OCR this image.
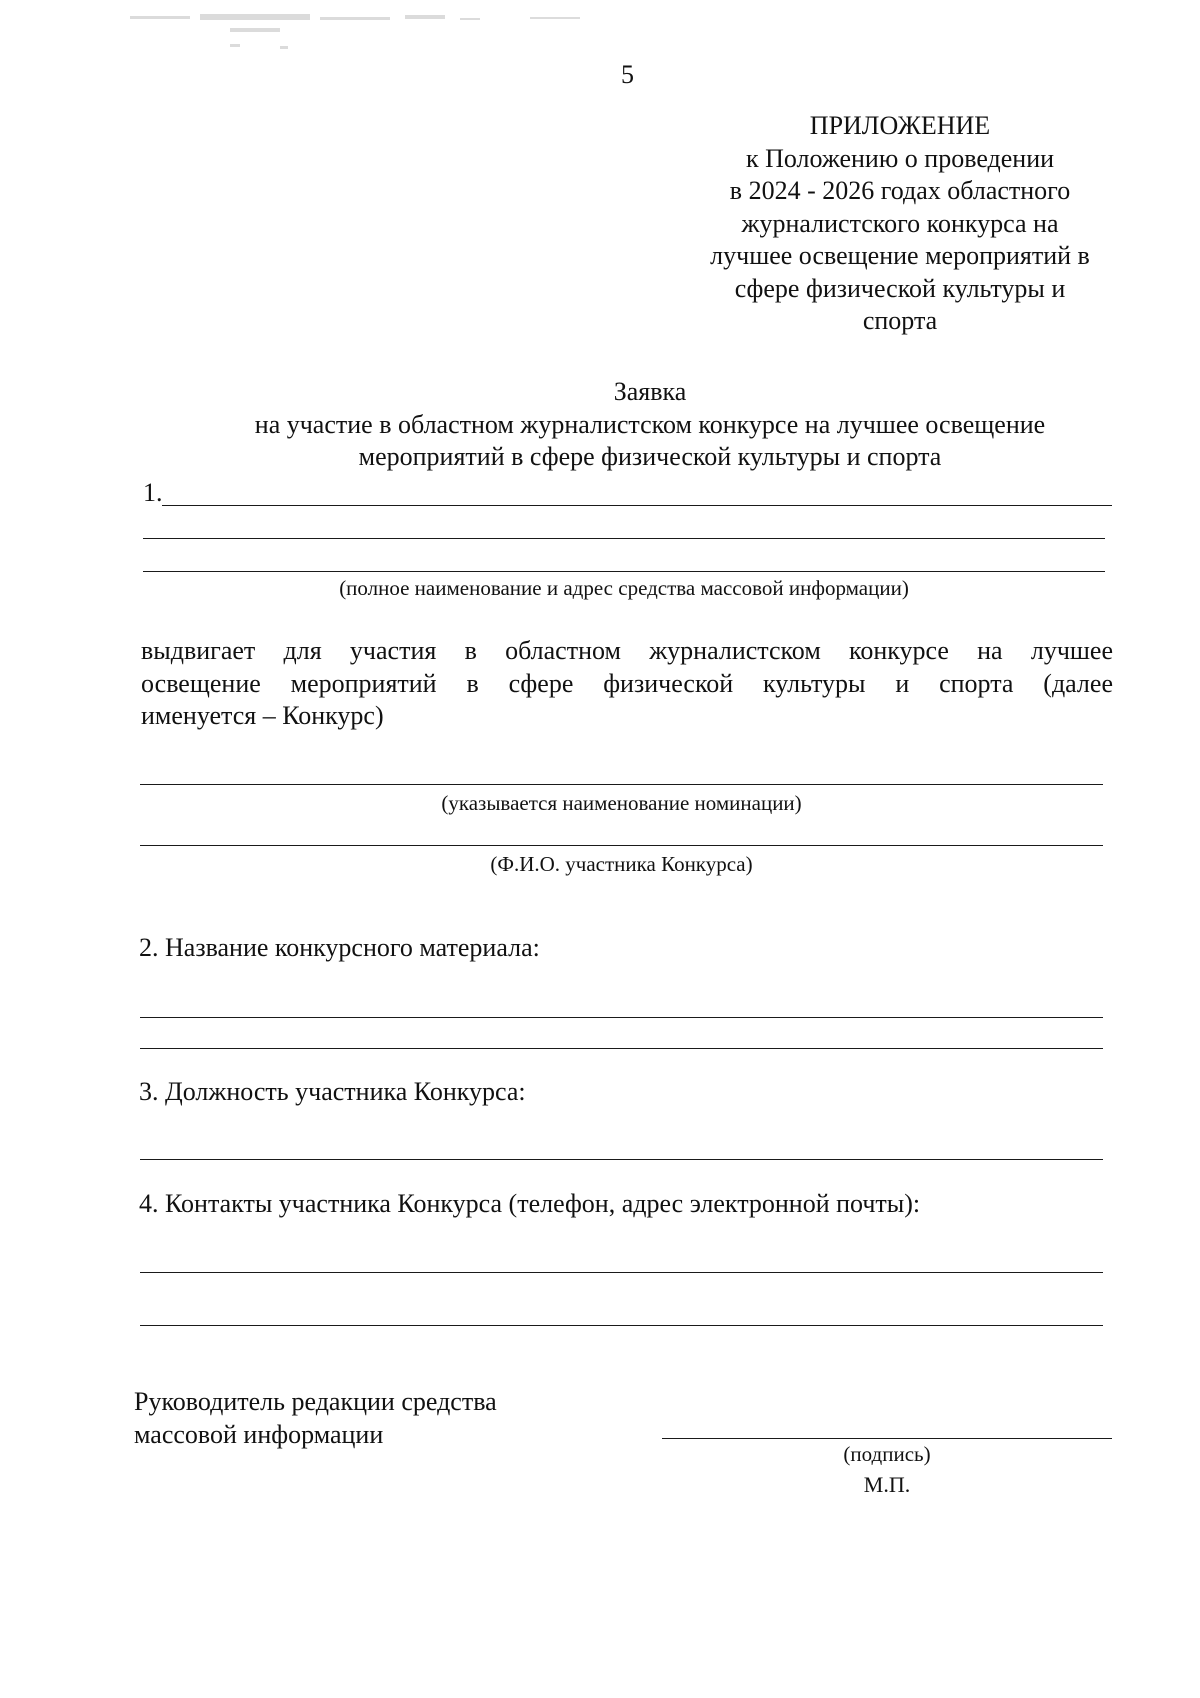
5
ПРИЛОЖЕНИЕ
к Положению о проведении
в 2024 - 2026 годах областного
журналистского конкурса на
лучшее освещение мероприятий в
сфере физической культуры и
спорта
Заявка
на участие в областном журналистском конкурсе на лучшее освещение
мероприятий в сфере физической культуры и спорта
1.
(полное наименование и адрес средства массовой информации)
выдвигает для участия в областном журналистском конкурсе на лучшее
освещение мероприятий в сфере физической культуры и спорта (далее
именуется – Конкурс)
(указывается наименование номинации)
(Ф.И.О. участника Конкурса)
2. Название конкурсного материала:
3. Должность участника Конкурса:
4. Контакты участника Конкурса (телефон, адрес электронной почты):
Руководитель редакции средства
массовой информации
(подпись)
М.П.
